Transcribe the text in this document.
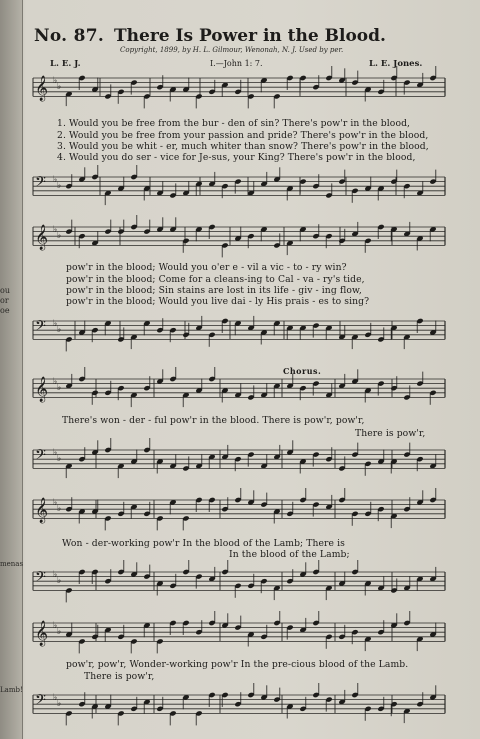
ou
or
oe
menas
Lamb!
No. 87. There Is Power in the Blood.
Copyright, 1899, by H. L. Gilmour, Wenonah, N. J. Used by per.
L. E. J.	I.—John 1: 7.	L. E. Jones.
𝄞 ♭
♭
𝄢 ♭
♭
𝄞 ♭
♭
𝄢 ♭
♭
𝄞 ♭
♭
𝄢 ♭
♭
𝄞 ♭
♭
𝄢 ♭
♭
𝄞 ♭
♭
𝄢 ♭
♭
1. Would you be free from the bur - den of sin? There's pow'r in the blood,
2. Would you be free from your passion and pride? There's pow'r in the blood,
3. Would you be whit - er, much whiter than snow? There's pow'r in the blood,
4. Would you do ser - vice for Je-sus, your King? There's pow'r in the blood,
pow'r in the blood; Would you o'er e - vil a vic - to - ry win?
pow'r in the blood; Come for a cleans-ing to Cal - va - ry's tide,
pow'r in the blood; Sin stains are lost in its life - giv - ing flow,
pow'r in the blood; Would you live dai - ly His prais - es to sing?
Chorus.
There's won - der - ful pow'r in the blood. There is pow'r, pow'r,
There is pow'r,
Won - der-working pow'r In the blood of the Lamb; There is
In the blood of the Lamb;
pow'r, pow'r, Wonder-working pow'r In the pre-cious blood of the Lamb.
There is pow'r,
